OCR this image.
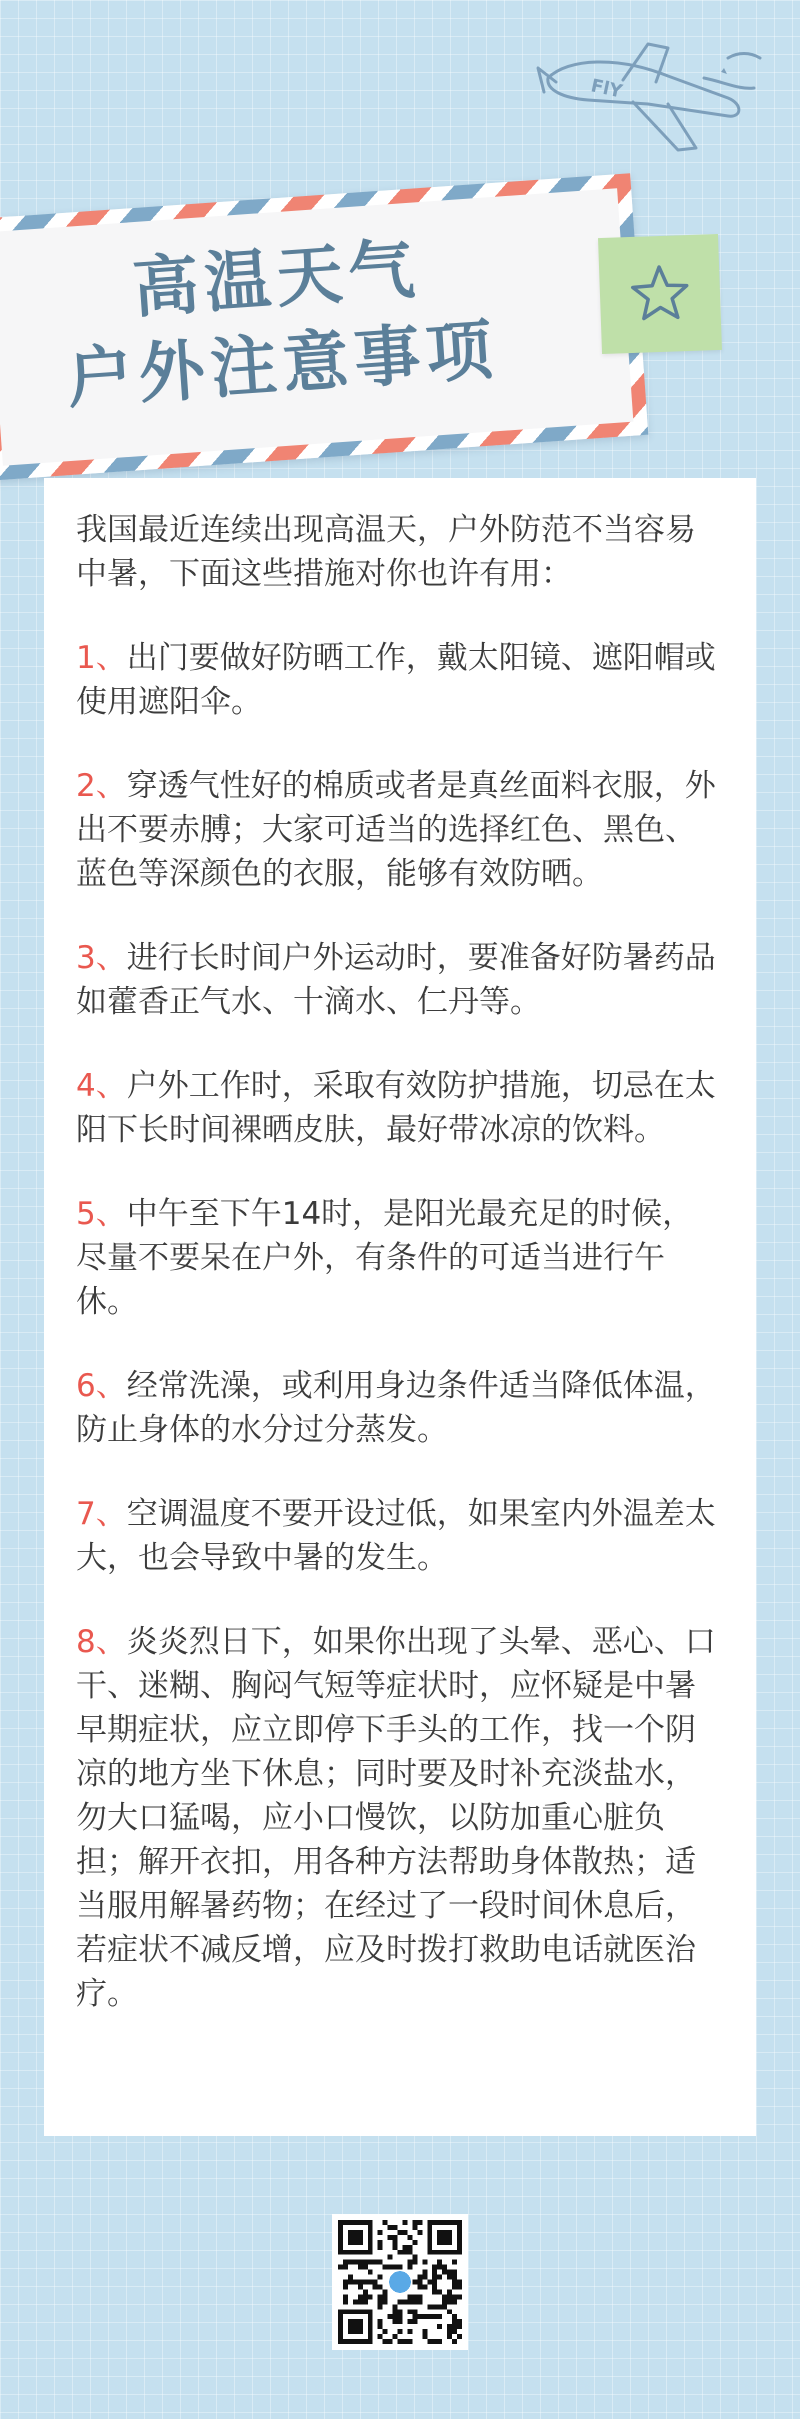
FlY
高温天气
户外注意事项

我国最近连续出现高温天，户外防范不当容易中暑，下面这些措施对你也许有用：

1、出门要做好防晒工作，戴太阳镜、遮阳帽或使用遮阳伞。

2、穿透气性好的棉质或者是真丝面料衣服，外出不要赤膊；大家可适当的选择红色、黑色、蓝色等深颜色的衣服，能够有效防晒。

3、进行长时间户外运动时，要准备好防暑药品如藿香正气水、十滴水、仁丹等。

4、户外工作时，采取有效防护措施，切忌在太阳下长时间裸晒皮肤，最好带冰凉的饮料。

5、中午至下午14时，是阳光最充足的时候，尽量不要呆在户外，有条件的可适当进行午休。

6、经常洗澡，或利用身边条件适当降低体温，防止身体的水分过分蒸发。

7、空调温度不要开设过低，如果室内外温差太大，也会导致中暑的发生。

8、炎炎烈日下，如果你出现了头晕、恶心、口干、迷糊、胸闷气短等症状时，应怀疑是中暑早期症状，应立即停下手头的工作，找一个阴凉的地方坐下休息；同时要及时补充淡盐水，勿大口猛喝，应小口慢饮，以防加重心脏负担；解开衣扣，用各种方法帮助身体散热；适当服用解暑药物；在经过了一段时间休息后，若症状不减反增，应及时拨打救助电话就医治疗。
